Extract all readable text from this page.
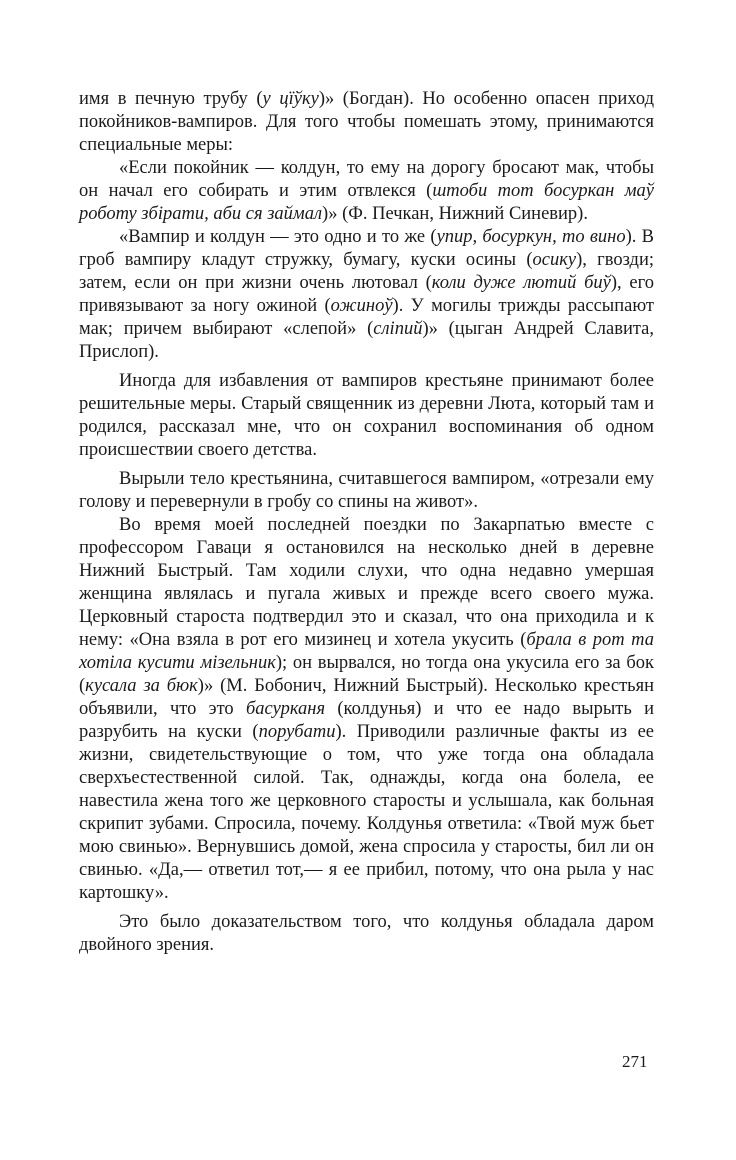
имя в печную трубу (у цїўку)» (Богдан). Но особенно опасен приход покойников-вампиров. Для того чтобы помешать этому, принимаются специальные меры:

«Если покойник — колдун, то ему на дорогу бросают мак, чтобы он начал его собирать и этим отвлекся (штоби тот босуркан маў роботу збірати, аби ся займал)» (Ф. Печкан, Нижний Синевир).

«Вампир и колдун — это одно и то же (упир, босуркун, то вино). В гроб вампиру кладут стружку, бумагу, куски осины (осику), гвозди; затем, если он при жизни очень лютовал (коли дуже лютий биў), его привязывают за ногу ожиной (ожиноў). У могилы трижды рассыпают мак; причем выбирают «слепой» (сліпий)» (цыган Андрей Славита, Прислоп).

Иногда для избавления от вампиров крестьяне принимают более решительные меры. Старый священник из деревни Люта, который там и родился, рассказал мне, что он сохранил воспоминания об одном происшествии своего детства.

Вырыли тело крестьянина, считавшегося вампиром, «отрезали ему голову и перевернули в гробу со спины на живот».

Во время моей последней поездки по Закарпатью вместе с профессором Гаваци я остановился на несколько дней в деревне Нижний Быстрый. Там ходили слухи, что одна недавно умершая женщина являлась и пугала живых и прежде всего своего мужа. Церковный староста подтвердил это и сказал, что она приходила и к нему: «Она взяла в рот его мизинец и хотела укусить (брала в рот та хотіла кусити мізельник); он вырвался, но тогда она укусила его за бок (кусала за бюк)» (М. Бобонич, Нижний Быстрый). Несколько крестьян объявили, что это басурканя (колдунья) и что ее надо вырыть и разрубить на куски (порубати). Приводили различные факты из ее жизни, свидетельствующие о том, что уже тогда она обладала сверхъестественной силой. Так, однажды, когда она болела, ее навестила жена того же церковного старосты и услышала, как больная скрипит зубами. Спросила, почему. Колдунья ответила: «Твой муж бьет мою свинью». Вернувшись домой, жена спросила у старосты, бил ли он свинью. «Да,— ответил тот,— я ее прибил, потому, что она рыла у нас картошку».

Это было доказательством того, что колдунья обладала даром двойного зрения.

271
